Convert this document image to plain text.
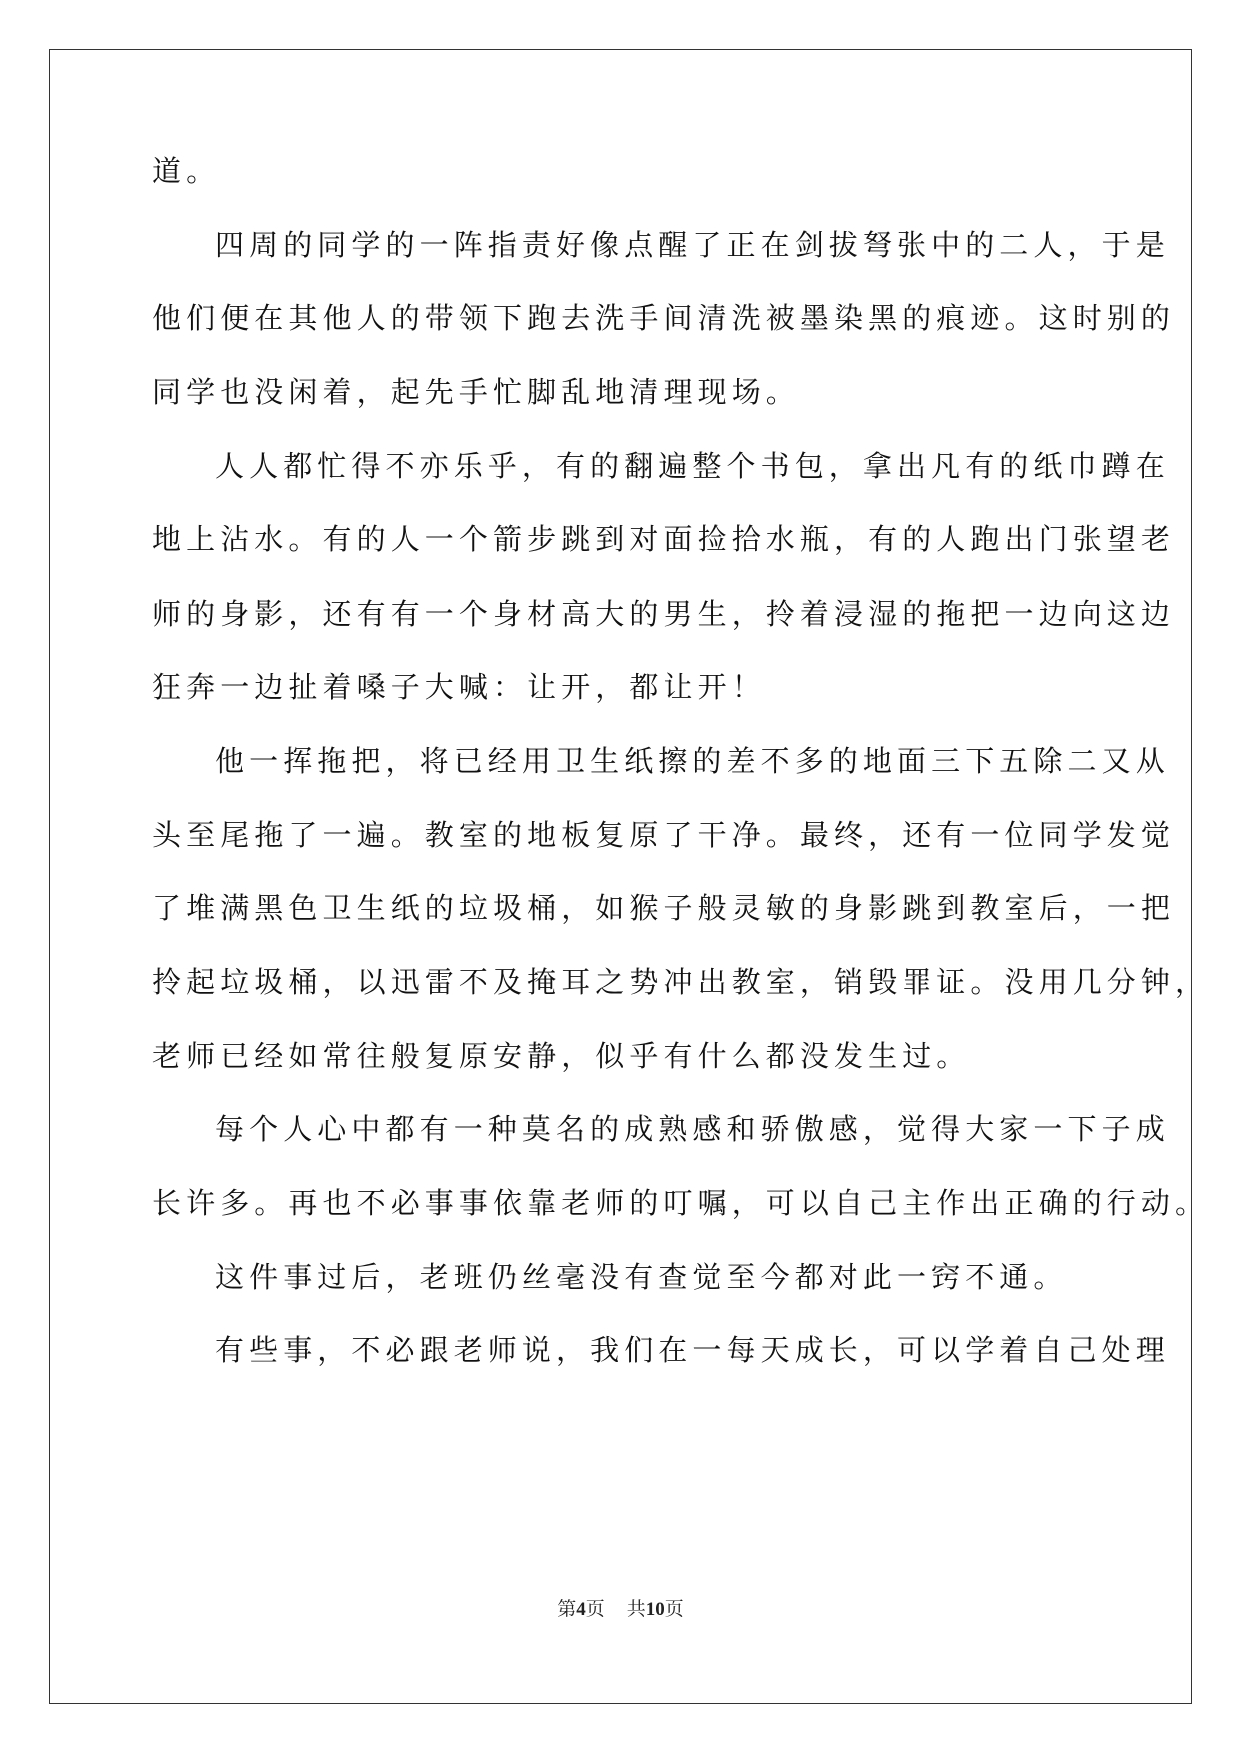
道。

四周的同学的一阵指责好像点醒了正在剑拔弩张中的二人，于是

他们便在其他人的带领下跑去洗手间清洗被墨染黑的痕迹。这时别的

同学也没闲着，起先手忙脚乱地清理现场。

人人都忙得不亦乐乎，有的翻遍整个书包，拿出凡有的纸巾蹲在

地上沾水。有的人一个箭步跳到对面捡拾水瓶，有的人跑出门张望老

师的身影，还有有一个身材高大的男生，拎着浸湿的拖把一边向这边

狂奔一边扯着嗓子大喊：让开，都让开！

他一挥拖把，将已经用卫生纸擦的差不多的地面三下五除二又从

头至尾拖了一遍。教室的地板复原了干净。最终，还有一位同学发觉

了堆满黑色卫生纸的垃圾桶，如猴子般灵敏的身影跳到教室后，一把

拎起垃圾桶，以迅雷不及掩耳之势冲出教室，销毁罪证。没用几分钟，

老师已经如常往般复原安静，似乎有什么都没发生过。

每个人心中都有一种莫名的成熟感和骄傲感，觉得大家一下子成

长许多。再也不必事事依靠老师的叮嘱，可以自己主作出正确的行动。

这件事过后，老班仍丝毫没有查觉至今都对此一窍不通。

有些事，不必跟老师说，我们在一每天成长，可以学着自己处理

第4页 共10页
